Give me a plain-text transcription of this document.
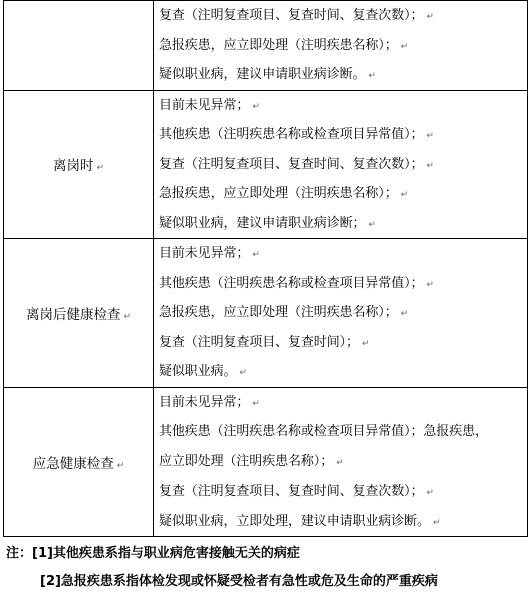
	复查（注明复查项目、复查时间、复查次数）； ↵
急报疾患，应立即处理（注明疾患名称）； ↵
疑似职业病，建议申请职业病诊断。 ↵

离岗时 ↵	目前未见异常； ↵
其他疾患（注明疾患名称或检查项目异常值）； ↵
复查（注明复查项目、复查时间、复查次数）； ↵
急报疾患，应立即处理（注明疾患名称）； ↵
疑似职业病，建议申请职业病诊断； ↵

离岗后健康检查 ↵	目前未见异常； ↵
其他疾患（注明疾患名称或检查项目异常值）； ↵
急报疾患，应立即处理（注明疾患名称）； ↵
复查（注明复查项目、复查时间）； ↵
疑似职业病。 ↵

应急健康检查 ↵	目前未见异常； ↵
其他疾患（注明疾患名称或检查项目异常值）；急报疾患，
应立即处理（注明疾患名称）； ↵
复查（注明复查项目、复查时间、复查次数）； ↵
疑似职业病，立即处理，建议申请职业病诊断。 ↵
注：[1]其他疾患系指与职业病危害接触无关的病症
[2]急报疾患系指体检发现或怀疑受检者有急性或危及生命的严重疾病
